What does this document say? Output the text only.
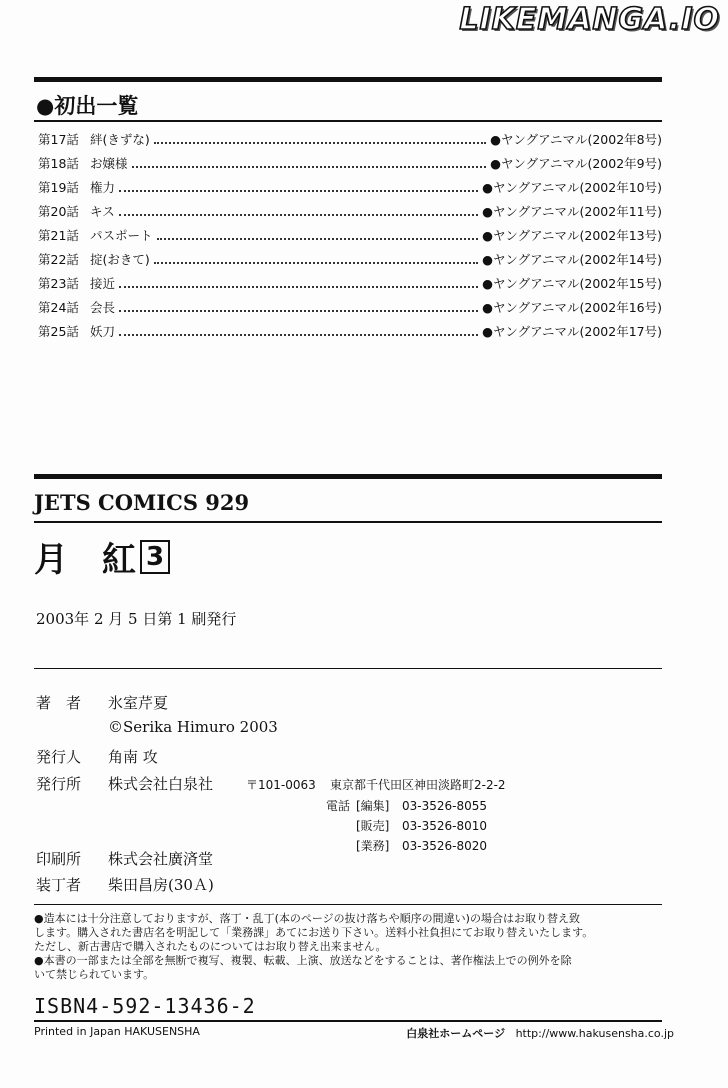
LIKEMANGA.IO
●初出一覧
第17話 絆(きずな)	●ヤングアニマル(2002年8号)
第18話 お嬢様	●ヤングアニマル(2002年9号)
第19話 権力	●ヤングアニマル(2002年10号)
第20話 キス	●ヤングアニマル(2002年11号)
第21話 パスポート	●ヤングアニマル(2002年13号)
第22話 掟(おきて)	●ヤングアニマル(2002年14号)
第23話 接近	●ヤングアニマル(2002年15号)
第24話 会長	●ヤングアニマル(2002年16号)
第25話 妖刀	●ヤングアニマル(2002年17号)
JETS COMICS 929
月　紅 3
2003年 2 月 5 日第 1 刷発行
著　者	氷室芹夏
©Serika Himuro 2003
発行人	角南 攻
発行所	株式会社白泉社	〒101-0063	東京都千代田区神田淡路町2-2-2
電話 [編集]	03-3526-8055
[販売]	03-3526-8010
[業務]	03-3526-8020
印刷所	株式会社廣済堂
装丁者	柴田昌房(30Ａ)
●造本には十分注意しておりますが、落丁・乱丁(本のページの抜け落ちや順序の間違い)の場合はお取り替え致
します。購入された書店名を明記して「業務課」あてにお送り下さい。送料小社負担にてお取り替えいたします。
ただし、新古書店で購入されたものについてはお取り替え出来ません。
●本書の一部または全部を無断で複写、複製、転載、上演、放送などをすることは、著作権法上での例外を除
いて禁じられています。
ISBN4-592-13436-2
Printed in Japan HAKUSENSHA	白泉社ホームページ http://www.hakusensha.co.jp
